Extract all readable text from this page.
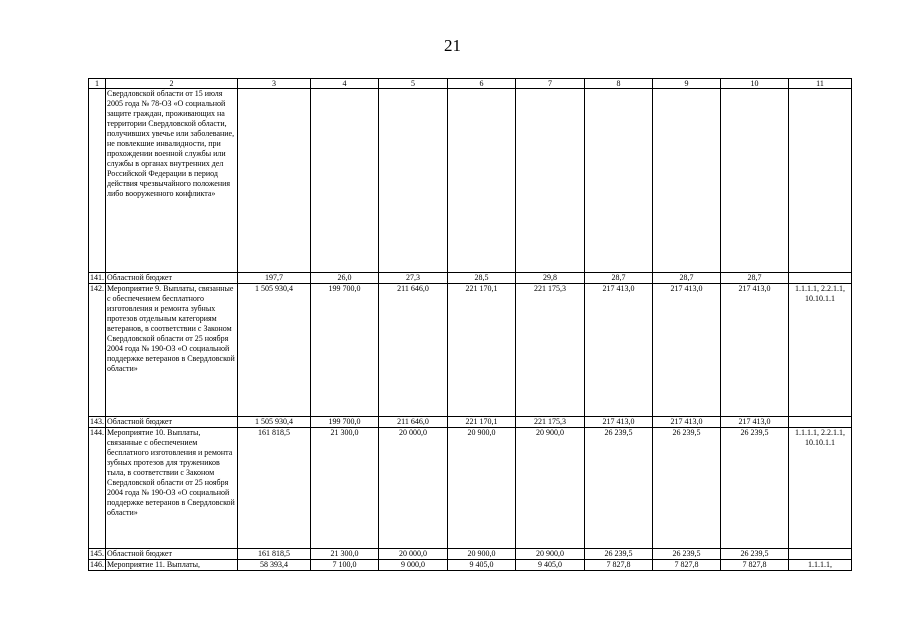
21
1	2	3	4	5	6	7	8	9	10	11
	Свердловской области от 15 июля 2005 года № 78-ОЗ «О социальной защите граждан, проживающих на территории Свердловской области, получивших увечье или заболевание, не повлекшие инвалидности, при прохождении военной службы или службы в органах внутренних дел Российской Федерации в период действия чрезвычайного положения либо вооруженного конфликта»									
141.	Областной бюджет	197,7	26,0	27,3	28,5	29,8	28,7	28,7	28,7	
142.	Мероприятие 9. Выплаты, связанные с обеспечением бесплатного изготовления и ремонта зубных протезов отдельным категориям ветеранов, в соответствии с Законом Свердловской области от 25 ноября 2004 года № 190-ОЗ «О социальной поддержке ветеранов в Свердловской области»	1 505 930,4	199 700,0	211 646,0	221 170,1	221 175,3	217 413,0	217 413,0	217 413,0	1.1.1.1, 2.2.1.1, 10.10.1.1
143.	Областной бюджет	1 505 930,4	199 700,0	211 646,0	221 170,1	221 175,3	217 413,0	217 413,0	217 413,0	
144.	Мероприятие 10. Выплаты, связанные с обеспечением бесплатного изготовления и ремонта зубных протезов для тружеников тыла, в соответствии с Законом Свердловской области от 25 ноября 2004 года № 190-ОЗ «О социальной поддержке ветеранов в Свердловской области»	161 818,5	21 300,0	20 000,0	20 900,0	20 900,0	26 239,5	26 239,5	26 239,5	1.1.1.1, 2.2.1.1, 10.10.1.1
145.	Областной бюджет	161 818,5	21 300,0	20 000,0	20 900,0	20 900,0	26 239,5	26 239,5	26 239,5	
146.	Мероприятие 11. Выплаты,	58 393,4	7 100,0	9 000,0	9 405,0	9 405,0	7 827,8	7 827,8	7 827,8	1.1.1.1,
